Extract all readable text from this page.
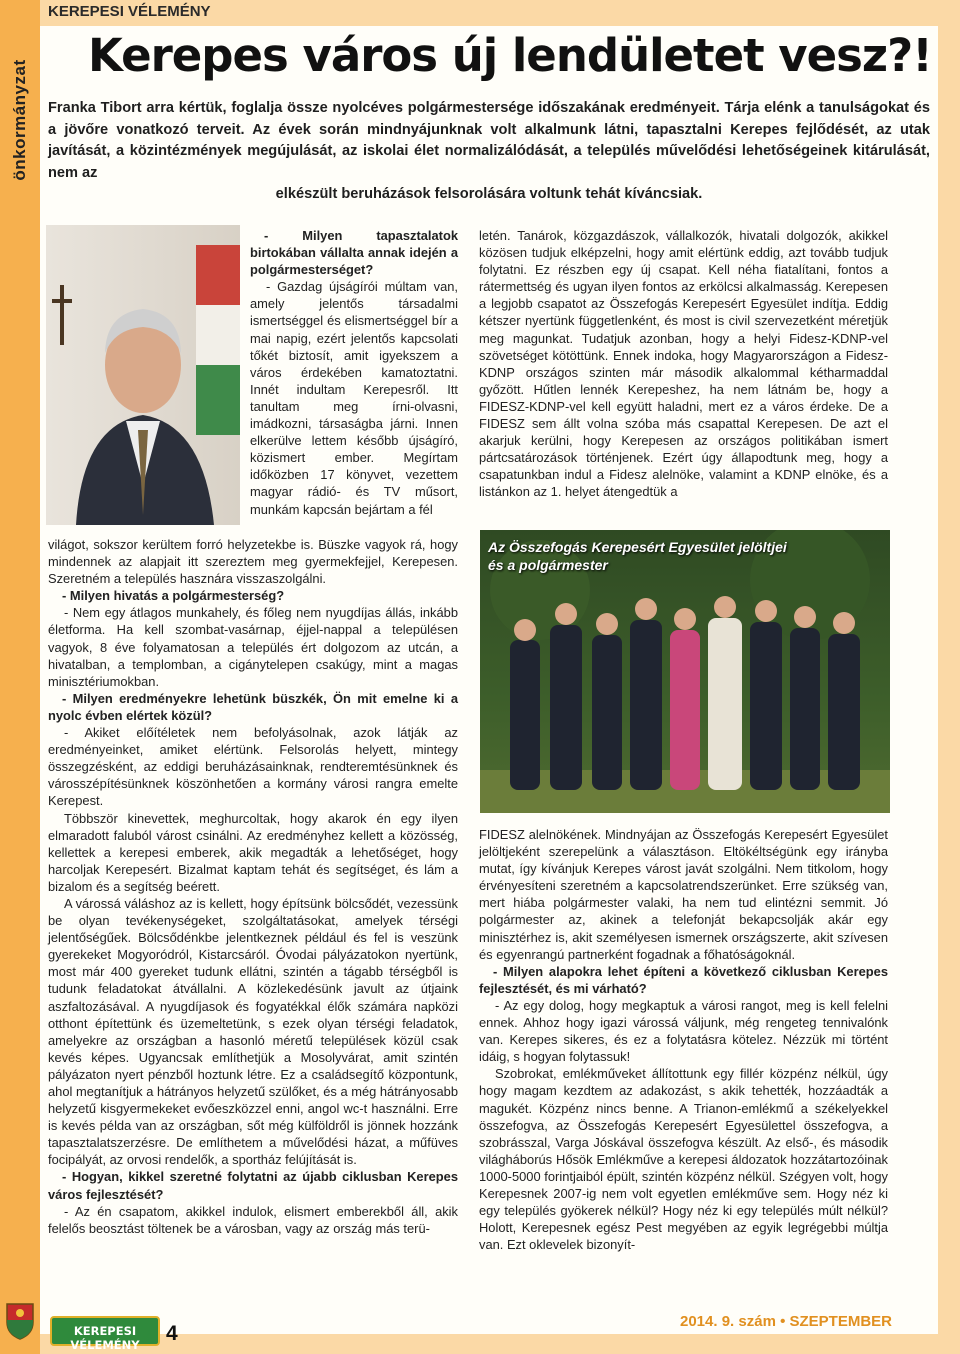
önkormányzat
KEREPESI VÉLEMÉNY
Kerepes város új lendületet vesz?!
Franka Tibort arra kértük, foglalja össze nyolcéves polgármestersége időszakának eredményeit. Tárja elénk a tanulságokat és a jövőre vonatkozó terveit. Az évek során mindnyájunknak volt alkalmunk látni, tapasztalni Kerepes fejlődését, az utak javítását, a közintézmények megújulását, az iskolai élet normalizálódását, a település művelődési lehetőségeinek kitárulását, nem az
elkészült beruházások felsorolására voltunk tehát kíváncsiak.

- Milyen tapasztalatok birtokában vállalta annak idején a polgármesterséget?

- Gazdag újságírói múltam van, amely jelentős társadalmi ismertséggel és elismertséggel bír a mai napig, ezért jelentős kapcsolati tőkét biztosít, amit igyekszem a város érdekében kamatoztatni. Innét indultam Kerepesről. Itt tanultam meg írni-olvasni, imádkozni, társaságba járni. Innen elkerülve lettem később újságíró, közismert ember. Megírtam időközben 17 könyvet, vezettem magyar rádió- és TV műsort, munkám kapcsán bejártam a fél

világot, sokszor kerültem forró helyzetekbe is. Büszke vagyok rá, hogy mindennek az alapjait itt szereztem meg gyermekfejjel, Kerepesen. Szeretném a település hasznára visszaszolgálni.

- Milyen hivatás a polgármesterség?

- Nem egy átlagos munkahely, és főleg nem nyugdíjas állás, inkább életforma. Ha kell szombat-vasárnap, éjjel-nappal a településen vagyok, 8 éve folyamatosan a település ért dolgozom az utcán, a hivatalban, a templomban, a cigánytelepen csakúgy, mint a magas minisztériumokban.

- Milyen eredményekre lehetünk büszkék, Ön mit emelne ki a nyolc évben elértek közül?

- Akiket előítéletek nem befolyásolnak, azok látják az eredményeinket, amiket elértünk. Felsorolás helyett, mintegy összegzésként, az eddigi beruházásainknak, rendteremtésünknek és városszépítésünknek köszönhetően a kormány városi rangra emelte Kerepest.

Többször kinevettek, meghurcoltak, hogy akarok én egy ilyen elmaradott faluból várost csinálni. Az eredményhez kellett a közösség, kellettek a kerepesi emberek, akik megadták a lehetőséget, hogy harcoljak Kerepesért. Bizalmat kaptam tehát és segítséget, és lám a bizalom és a segítség beérett.

A várossá váláshoz az is kellett, hogy építsünk bölcsődét, vezessünk be olyan tevékenységeket, szolgáltatásokat, amelyek térségi jelentőségűek. Bölcsődénkbe jelentkeznek például és fel is veszünk gyerekeket Mogyoródról, Kistarcsáról. Óvodai pályázatokon nyertünk, most már 400 gyereket tudunk ellátni, szintén a tágabb térségből is tudunk feladatokat átvállalni. A közlekedésünk javult az útjaink aszfaltozásával. A nyugdíjasok és fogyatékkal élők számára napközi otthont építettünk és üzemeltetünk, s ezek olyan térségi feladatok, amelyekre az országban a hasonló méretű települések közül csak kevés képes. Ugyancsak említhetjük a Mosolyvárat, amit szintén pályázaton nyert pénzből hoztunk létre. Ez a családsegítő központunk, ahol megtanítjuk a hátrányos helyzetű szülőket, és a még hátrányosabb helyzetű kisgyermekeket evőeszközzel enni, angol wc-t használni. Erre is kevés példa van az országban, sőt még külföldről is jönnek hozzánk tapasztalatszerzésre. De említhetem a művelődési házat, a műfüves focipályát, az orvosi rendelők, a sportház felújítását is.

- Hogyan, kikkel szeretné folytatni az újabb ciklusban Kerepes város fejlesztését?

- Az én csapatom, akikkel indulok, elismert emberekből áll, akik felelős beosztást töltenek be a városban, vagy az ország más terü-

letén. Tanárok, közgazdászok, vállalkozók, hivatali dolgozók, akikkel közösen tudjuk elképzelni, hogy amit elértünk eddig, azt tovább tudjuk folytatni. Ez részben egy új csapat. Kell néha fiatalítani, fontos a rátermettség és ugyan ilyen fontos az erkölcsi alkalmasság. Kerepesen a legjobb csapatot az Összefogás Kerepesért Egyesület indítja. Eddig kétszer nyertünk függetlenként, és most is civil szervezetként méretjük meg magunkat. Tudatjuk azonban, hogy a helyi Fidesz-KDNP-vel szövetséget kötöttünk. Ennek indoka, hogy Magyarországon a Fidesz-KDNP országos szinten már második alkalommal kétharmaddal győzött. Hűtlen lennék Kerepeshez, ha nem látnám be, hogy a FIDESZ-KDNP-vel kell együtt haladni, mert ez a város érdeke. De a FIDESZ sem állt volna szóba más csapattal Kerepesen. De azt el akarjuk kerülni, hogy Kerepesen az országos politikában ismert pártcsatározások történjenek. Ezért úgy állapodtunk meg, hogy a csapatunkban indul a Fidesz alelnöke, valamint a KDNP elnöke, és a listánkon az 1. helyet átengedtük a

Az Összefogás Kerepesért Egyesület jelöltjei és a polgármester

FIDESZ alelnökének. Mindnyájan az Összefogás Kerepesért Egyesület jelöltjeként szerepelünk a választáson. Eltökéltségünk egy irányba mutat, így kívánjuk Kerepes várost javát szolgálni. Nem titkolom, hogy érvényesíteni szeretném a kapcsolatrendszerünket. Erre szükség van, mert hiába polgármester valaki, ha nem tud elintézni semmit. Jó polgármester az, akinek a telefonját bekapcsolják akár egy minisztérhez is, akit személyesen ismernek országszerte, akit szívesen és egyenrangú partnerként fogadnak a főhatóságoknál.

- Milyen alapokra lehet építeni a következő ciklusban Kerepes fejlesztését, és mi várható?

- Az egy dolog, hogy megkaptuk a városi rangot, meg is kell felelni ennek. Ahhoz hogy igazi várossá váljunk, még rengeteg tennivalónk van. Kerepes sikeres, és ez a folytatásra kötelez. Nézzük mi történt idáig, s hogyan folytassuk!

Szobrokat, emlékműveket állítottunk egy fillér közpénz nélkül, úgy hogy magam kezdtem az adakozást, s akik tehették, hozzáadták a magukét. Közpénz nincs benne. A Trianon-emlékmű a székelyekkel összefogva, az Összefogás Kerepesért Egyesülettel összefogva, a szobrásszal, Varga Jóskával összefogva készült. Az első-, és második világháborús Hősök Emlékműve a kerepesi áldozatok hozzátartozóinak 1000-5000 forintjaiból épült, szintén közpénz nélkül. Szégyen volt, hogy Kerepesnek 2007-ig nem volt egyetlen emlékműve sem. Hogy néz ki egy település gyökerek nélkül? Hogy néz ki egy település múlt nélkül? Holott, Kerepesnek egész Pest megyében az egyik legrégebbi múltja van. Ezt oklevelek bizonyít-

KEREPESI VÉLEMÉNY	4
2014. 9. szám • SZEPTEMBER
